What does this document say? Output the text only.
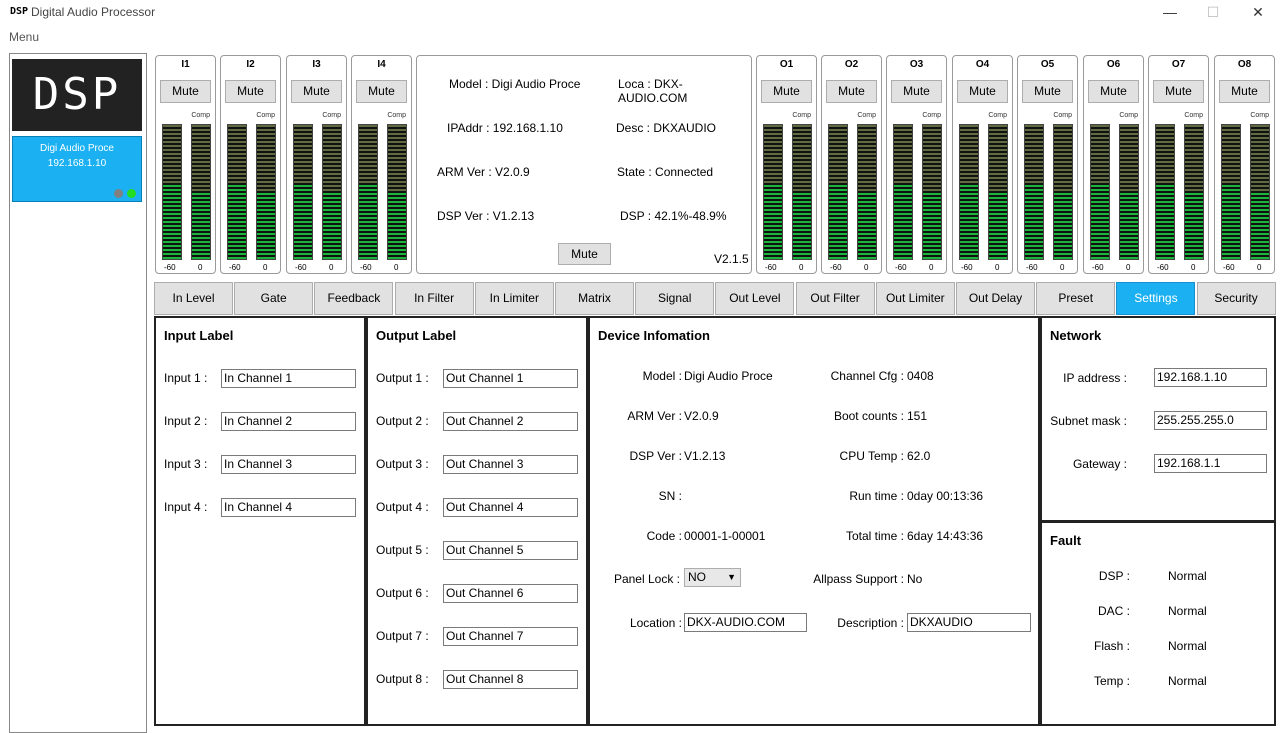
DSP Digital Audio Processor	—	☐	✕
Menu
DSP
Digi Audio Proce
192.168.1.10
I1
Mute
Comp
-60	0
I2
Mute
Comp
-60	0
I3
Mute
Comp
-60	0
I4
Mute
Comp
-60	0
O1
Mute
Comp
-60	0
O2
Mute
Comp
-60	0
O3
Mute
Comp
-60	0
O4
Mute
Comp
-60	0
O5
Mute
Comp
-60	0
O6
Mute
Comp
-60	0
O7
Mute
Comp
-60	0
O8
Mute
Comp
-60	0
Model : Digi Audio Proce	Loca : DKX-AUDIO.COM
IPAddr : 192.168.1.10	Desc : DKXAUDIO
ARM Ver : V2.0.9	State : Connected
DSP Ver : V1.2.13	DSP : 42.1%-48.9%
Mute	V2.1.5
In Level	Gate	Feedback	In Filter	In Limiter	Matrix	Signal	Out Level	Out Filter	Out Limiter	Out Delay	Preset	Settings	Security
Input Label
Input 1 : In Channel 1
Input 2 : In Channel 2
Input 3 : In Channel 3
Input 4 : In Channel 4
Output Label
Output 1 : Out Channel 1
Output 2 : Out Channel 2
Output 3 : Out Channel 3
Output 4 : Out Channel 4
Output 5 : Out Channel 5
Output 6 : Out Channel 6
Output 7 : Out Channel 7
Output 8 : Out Channel 8
Device Infomation
Model : Digi Audio Proce	Channel Cfg : 0408
ARM Ver : V2.0.9	Boot counts : 151
DSP Ver : V1.2.13	CPU Temp : 62.0
SN :	Run time : 0day 00:13:36
Code : 00001-1-00001	Total time : 6day 14:43:36
Panel Lock : NO ▼	Allpass Support : No
Location : DKX-AUDIO.COM	Description : DKXAUDIO
Network
IP address :	192.168.1.10
Subnet mask :	255.255.255.0
Gateway :	192.168.1.1
Fault
DSP :	Normal
DAC :	Normal
Flash :	Normal
Temp :	Normal
